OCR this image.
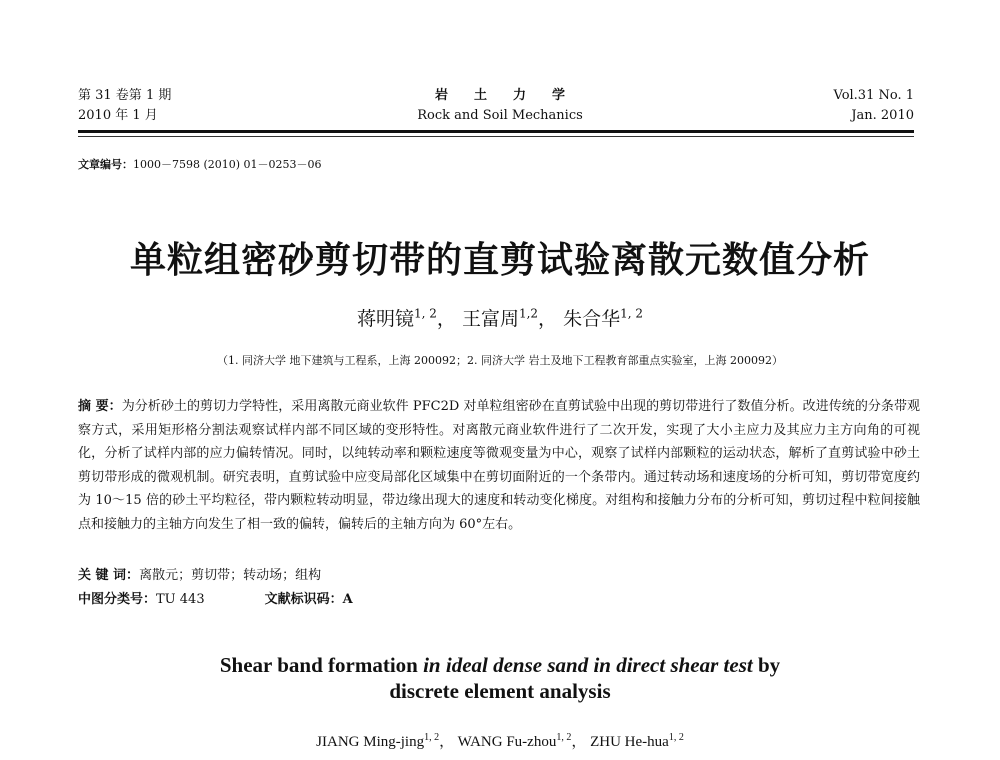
第 31 卷第 1 期
2010 年 1 月
岩土力学
Rock and Soil Mechanics
Vol.31 No. 1
Jan. 2010
文章编号：1000－7598 (2010) 01－0253－06
单粒组密砂剪切带的直剪试验离散元数值分析
蒋明镜$^{1, 2}$， 王富周$^{1,2}$， 朱合华$^{1, 2}$
（1. 同济大学 地下建筑与工程系，上海 200092；2. 同济大学 岩土及地下工程教育部重点实验室，上海 200092）
摘 要：为分析砂土的剪切力学特性，采用离散元商业软件 PFC2D 对单粒组密砂在直剪试验中出现的剪切带进行了数值分析。改进传统的分条带观察方式，采用矩形格分割法观察试样内部不同区域的变形特性。对离散元商业软件进行了二次开发，实现了大小主应力及其应力主方向角的可视化，分析了试样内部的应力偏转情况。同时，以纯转动率和颗粒速度等微观变量为中心，观察了试样内部颗粒的运动状态，解析了直剪试验中砂土剪切带形成的微观机制。研究表明，直剪试验中应变局部化区域集中在剪切面附近的一个条带内。通过转动场和速度场的分析可知，剪切带宽度约为 10～15 倍的砂土平均粒径，带内颗粒转动明显，带边缘出现大的速度和转动变化梯度。对组构和接触力分布的分析可知，剪切过程中粒间接触点和接触力的主轴方向发生了相一致的偏转，偏转后的主轴方向为 60°左右。
关 键 词：离散元；剪切带；转动场；组构
中图分类号：TU 443	文献标识码：A
Shear band formation in ideal dense sand in direct shear test by
discrete element analysis
JIANG Ming-jing$^{1, 2}$， WANG Fu-zhou$^{1, 2}$， ZHU He-hua$^{1, 2}$
